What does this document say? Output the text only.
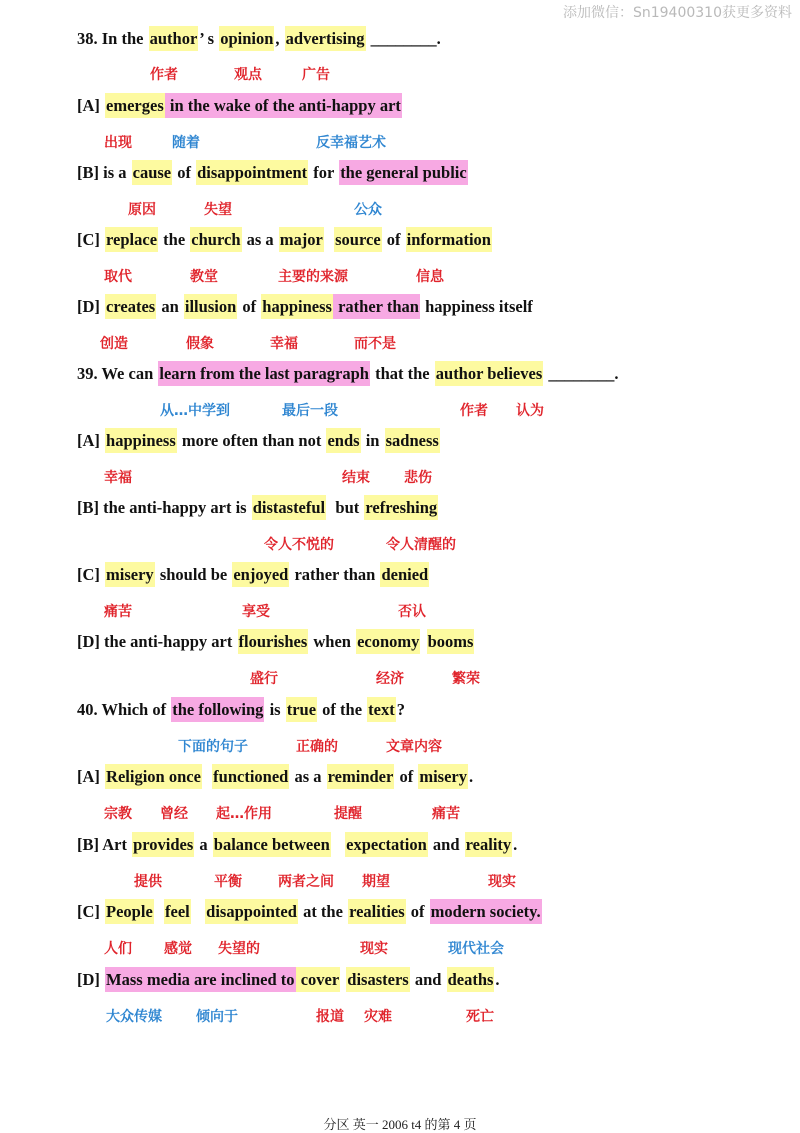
添加微信：Sn19400310获更多资料
38. In the author ’ s opinion , advertising ________.
作者	观点	广告
[A] emerges in the wake of the anti-happy art
出现	随着	反幸福艺术
[B] is a cause of disappointment for the general public
原因	失望	公众
[C] replace the church as a major source of information
取代	教堂	主要的来源	信息
[D] creates an illusion of happiness rather than happiness itself
创造	假象	幸福	而不是
39. We can learn from the last paragraph that the author believes ________.
从…中学到	最后一段	作者 认为
[A] happiness more often than not ends in sadness
幸福	结束 悲伤
[B] the anti-happy art is distasteful  but refreshing
令人不悦的	令人清醒的
[C] misery should be enjoyed rather than denied
痛苦	享受	否认
[D] the anti-happy art flourishes when economy booms
盛行	经济	繁荣
40. Which of the following is true of the text ?
下面的句子	正确的	文章内容
[A] Religion once functioned as a reminder of misery .
宗教 曾经 起…作用	提醒	痛苦
[B] Art provides a balance between expectation and reality .
提供	平衡	两者之间 期望	现实
[C] People feel disappointed at the realities of modern society.
人们 感觉 失望的	现实	现代社会
[D] Mass media are inclined to cover disasters and deaths .
大众传媒 倾向于	报道 灾难	死亡
分区 英一 2006 t4 的第 4 页
